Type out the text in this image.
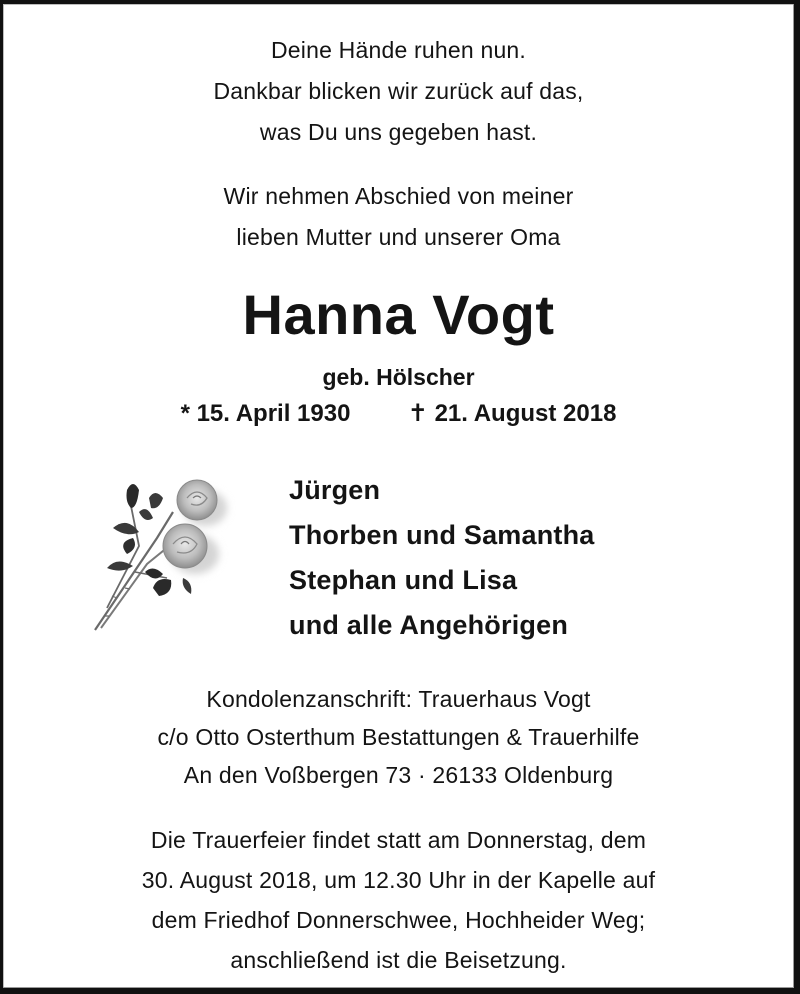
Deine Hände ruhen nun.
Dankbar blicken wir zurück auf das,
was Du uns gegeben hast.
Wir nehmen Abschied von meiner
lieben Mutter und unserer Oma
Hanna Vogt
geb. Hölscher
* 15. April 1930 ✝ 21. August 2018
Jürgen
Thorben und Samantha
Stephan und Lisa
und alle Angehörigen
Kondolenzanschrift: Trauerhaus Vogt
c/o Otto Osterthum Bestattungen & Trauerhilfe
An den Voßbergen 73 · 26133 Oldenburg
Die Trauerfeier findet statt am Donnerstag, dem
30. August 2018, um 12.30 Uhr in der Kapelle auf
dem Friedhof Donnerschwee, Hochheider Weg;
anschließend ist die Beisetzung.
